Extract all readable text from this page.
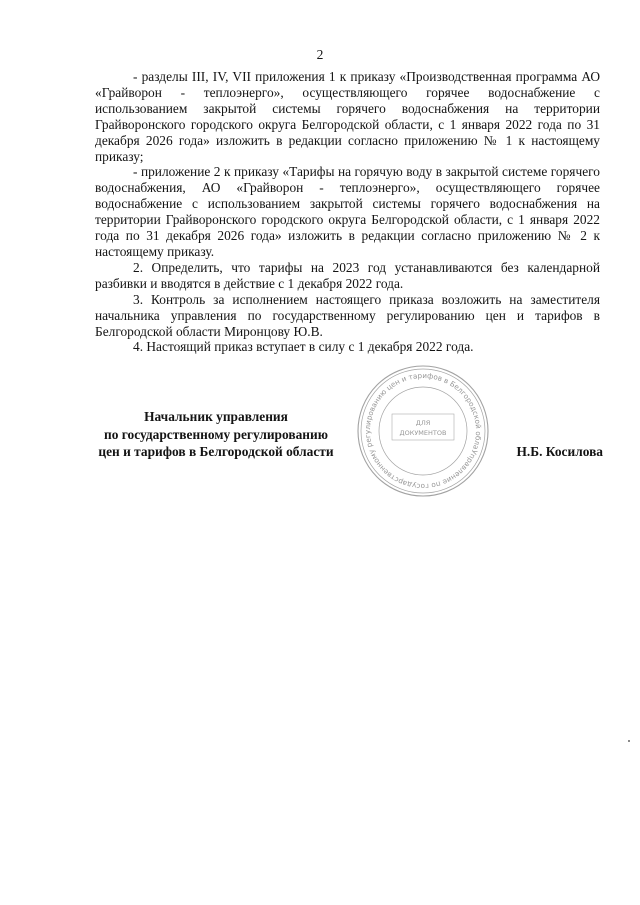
2

- разделы III, IV, VII приложения 1 к приказу «Производственная программа АО «Грайворон - теплоэнерго», осуществляющего горячее водоснабжение с использованием закрытой системы горячего водоснабжения на территории Грайворонского городского округа Белгородской области, с 1 января 2022 года по 31 декабря 2026 года» изложить в редакции согласно приложению № 1 к настоящему приказу;

- приложение 2 к приказу «Тарифы на горячую воду в закрытой системе горячего водоснабжения, АО «Грайворон - теплоэнерго», осуществляющего горячее водоснабжение с использованием закрытой системы горячего водоснабжения на территории Грайворонского городского округа Белгородской области, с 1 января 2022 года по 31 декабря 2026 года» изложить в редакции согласно приложению № 2 к настоящему приказу.

2. Определить, что тарифы на 2023 год устанавливаются без календарной разбивки и вводятся в действие с 1 декабря 2022 года.

3. Контроль за исполнением настоящего приказа возложить на заместителя начальника управления по государственному регулированию цен и тарифов в Белгородской области Миронцову Ю.В.

4. Настоящий приказ вступает в силу с 1 декабря 2022 года.

Начальник управления
по государственному регулированию
цен и тарифов в Белгородской области	Управление по государственному регулированию цен и тарифов в Белгородской области
ДЛЯ
ДОКУМЕНТОВ
Н.Б. Косилова
